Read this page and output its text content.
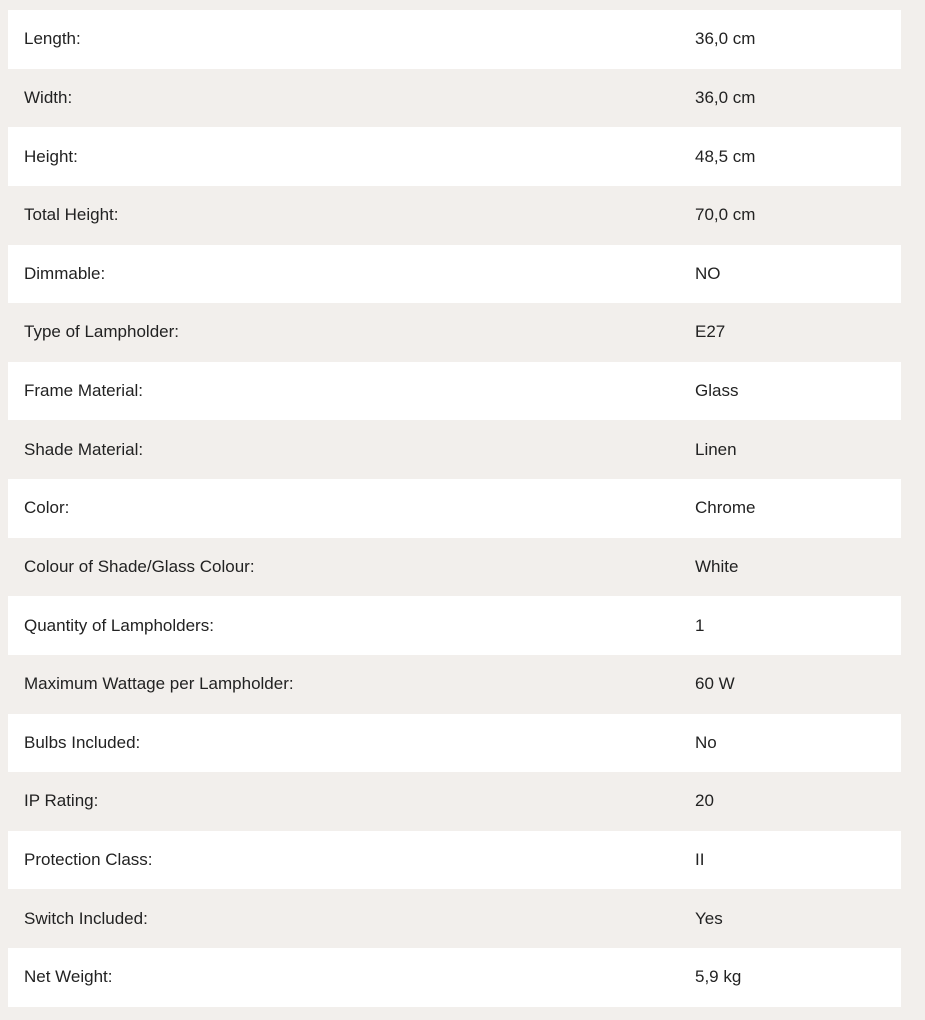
Length:	36,0 cm
Width:	36,0 cm
Height:	48,5 cm
Total Height:	70,0 cm
Dimmable:	NO
Type of Lampholder:	E27
Frame Material:	Glass
Shade Material:	Linen
Color:	Chrome
Colour of Shade/Glass Colour:	White
Quantity of Lampholders:	1
Maximum Wattage per Lampholder:	60 W
Bulbs Included:	No
IP Rating:	20
Protection Class:	II
Switch Included:	Yes
Net Weight:	5,9 kg
